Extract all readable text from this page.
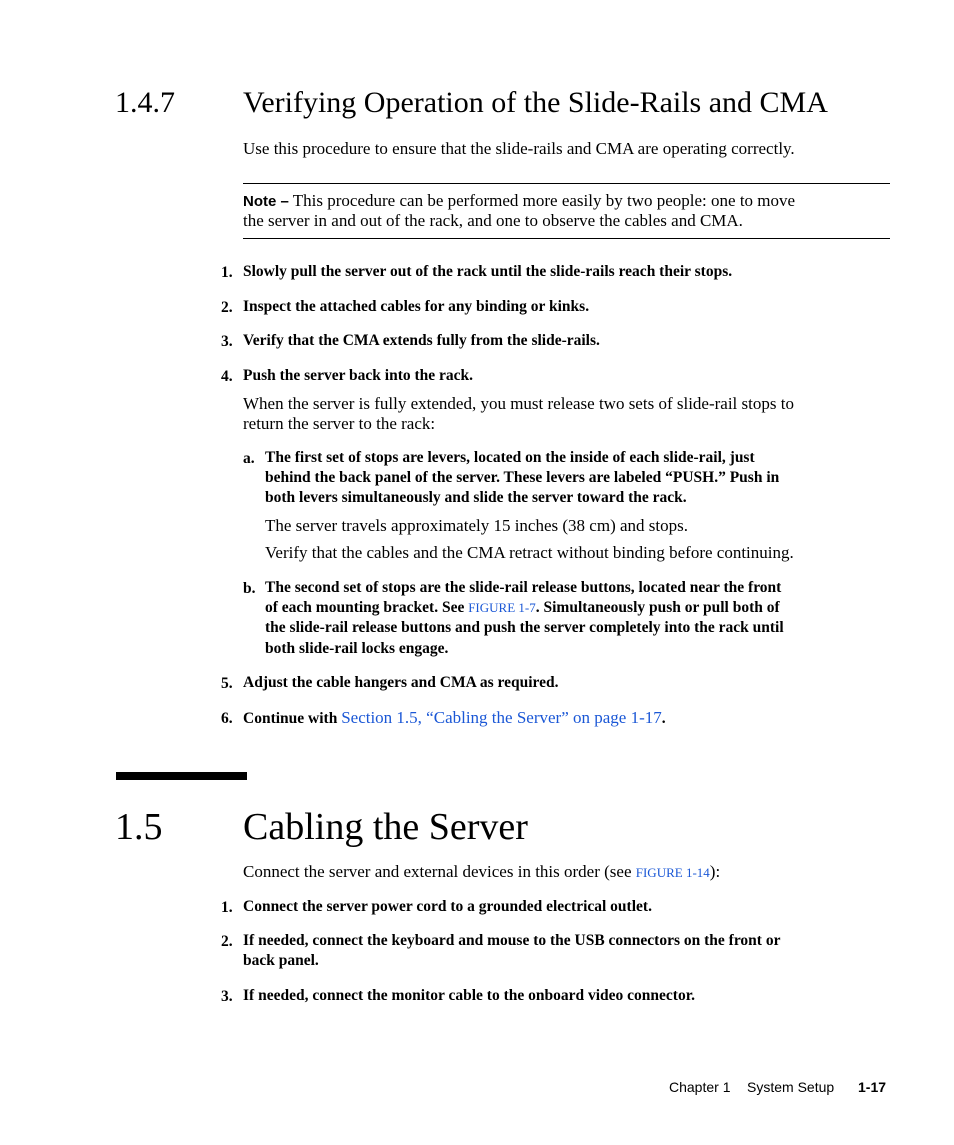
1.4.7 Verifying Operation of the Slide-Rails and CMA
Use this procedure to ensure that the slide-rails and CMA are operating correctly.
Note – This procedure can be performed more easily by two people: one to move
the server in and out of the rack, and one to observe the cables and CMA.
1. Slowly pull the server out of the rack until the slide-rails reach their stops.
2. Inspect the attached cables for any binding or kinks.
3. Verify that the CMA extends fully from the slide-rails.
4. Push the server back into the rack.
When the server is fully extended, you must release two sets of slide-rail stops to
return the server to the rack:
a. The first set of stops are levers, located on the inside of each slide-rail, just
behind the back panel of the server. These levers are labeled “PUSH.” Push in
both levers simultaneously and slide the server toward the rack.
The server travels approximately 15 inches (38 cm) and stops.
Verify that the cables and the CMA retract without binding before continuing.
b. The second set of stops are the slide-rail release buttons, located near the front
of each mounting bracket. See FIGURE 1-7. Simultaneously push or pull both of
the slide-rail release buttons and push the server completely into the rack until
both slide-rail locks engage.
5. Adjust the cable hangers and CMA as required.
6. Continue with Section 1.5, “Cabling the Server” on page 1-17.
1.5 Cabling the Server
Connect the server and external devices in this order (see FIGURE 1-14):
1. Connect the server power cord to a grounded electrical outlet.
2. If needed, connect the keyboard and mouse to the USB connectors on the front or
back panel.
3. If needed, connect the monitor cable to the onboard video connector.
Chapter 1 System Setup 1-17
